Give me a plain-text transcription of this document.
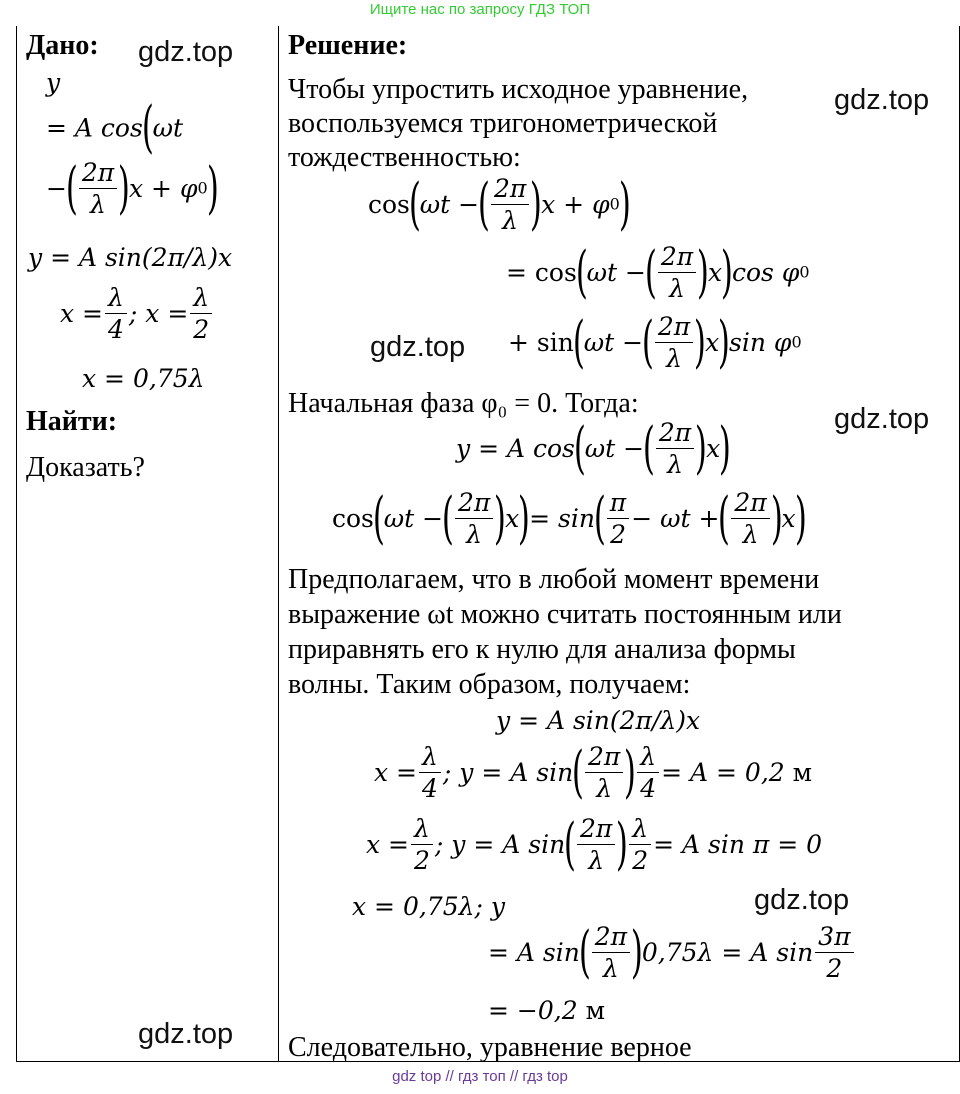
Ищите нас по запросу ГДЗ ТОП
gdz.top
gdz.top
gdz.top
gdz.top
gdz.top
gdz.top
Дано:
y
= A cos(ωt
−( $\frac{2\pi}{\lambda} )x + \varphi 0$)
y = A sin(2π/λ)x
$x = \frac{\lambda}{4}$ ; $x = \frac{\lambda}{2}$
x = 0,75λ
Найти:
Доказать?
Решение:
Чтобы упростить исходное уравнение,
воспользуемся тригонометрической
тождественностью:
cos(ωt −( $\frac{2\pi}{\lambda} )x + \varphi 0$)
= cos(ωt −( $\frac{2\pi}{\lambda} )x)\cos$ φ0
+ sin(ωt −( $\frac{2\pi}{\lambda} )x)\sin$ φ0
Начальная фаза φ₀ = 0. Тогда:
y = A cos(ωt −( $\frac{2\pi}{\lambda} )x$)
cos(ωt −( $\frac{2\pi}{\lambda} )x)= \sin( \frac{\pi}{2} - \omega t$ +( $\frac{2\pi}{\lambda} )x$)
Предполагаем, что в любой момент времени
выражение ωt можно считать постоянным или
приравнять его к нулю для анализа формы
волны. Таким образом, получаем:
y = A sin(2π/λ)x
$x = \frac{\lambda}{4}$ ; y = A $\sin( \frac{2\pi}{\lambda}$ ) $\frac{\lambda}{4} = A = 0,2$ м
$x = \frac{\lambda}{2}$ ; y = A $\sin( \frac{2\pi}{\lambda}$ ) $\frac{\lambda}{2} = A$ sin π = 0
x = 0,75λ; y
= A $\sin( \frac{2\pi}{\lambda} )0,75\lambda = A$ $\sin \frac{3\pi}{2}$
= −0,2 м
Следовательно, уравнение верное
gdz top // гдз топ // гдз top
